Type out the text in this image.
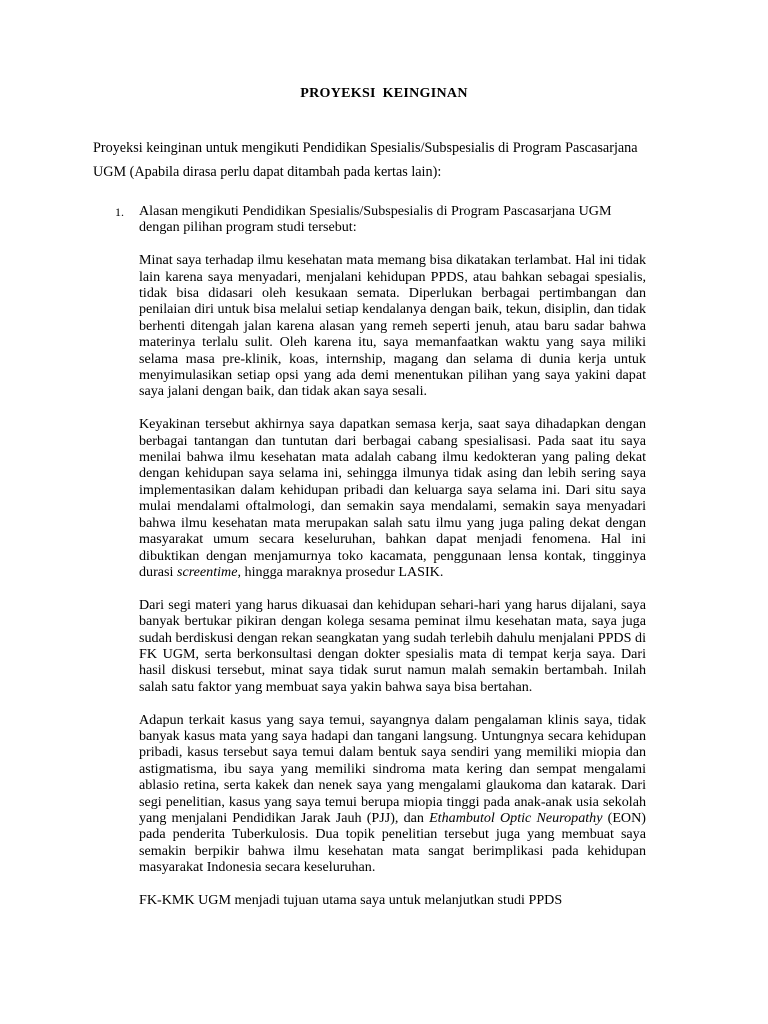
PROYEKSI KEINGINAN
Proyeksi keinginan untuk mengikuti Pendidikan Spesialis/Subspesialis di Program Pascasarjana UGM (Apabila dirasa perlu dapat ditambah pada kertas lain):
1. Alasan mengikuti Pendidikan Spesialis/Subspesialis di Program Pascasarjana UGM dengan pilihan program studi tersebut:

Minat saya terhadap ilmu kesehatan mata memang bisa dikatakan terlambat. Hal ini tidak lain karena saya menyadari, menjalani kehidupan PPDS, atau bahkan sebagai spesialis, tidak bisa didasari oleh kesukaan semata. Diperlukan berbagai pertimbangan dan penilaian diri untuk bisa melalui setiap kendalanya dengan baik, tekun, disiplin, dan tidak berhenti ditengah jalan karena alasan yang remeh seperti jenuh, atau baru sadar bahwa materinya terlalu sulit. Oleh karena itu, saya memanfaatkan waktu yang saya miliki selama masa pre-klinik, koas, internship, magang dan selama di dunia kerja untuk menyimulasikan setiap opsi yang ada demi menentukan pilihan yang saya yakini dapat saya jalani dengan baik, dan tidak akan saya sesali.

Keyakinan tersebut akhirnya saya dapatkan semasa kerja, saat saya dihadapkan dengan berbagai tantangan dan tuntutan dari berbagai cabang spesialisasi. Pada saat itu saya menilai bahwa ilmu kesehatan mata adalah cabang ilmu kedokteran yang paling dekat dengan kehidupan saya selama ini, sehingga ilmunya tidak asing dan lebih sering saya implementasikan dalam kehidupan pribadi dan keluarga saya selama ini. Dari situ saya mulai mendalami oftalmologi, dan semakin saya mendalami, semakin saya menyadari bahwa ilmu kesehatan mata merupakan salah satu ilmu yang juga paling dekat dengan masyarakat umum secara keseluruhan, bahkan dapat menjadi fenomena. Hal ini dibuktikan dengan menjamurnya toko kacamata, penggunaan lensa kontak, tingginya durasi screentime, hingga maraknya prosedur LASIK.

Dari segi materi yang harus dikuasai dan kehidupan sehari-hari yang harus dijalani, saya banyak bertukar pikiran dengan kolega sesama peminat ilmu kesehatan mata, saya juga sudah berdiskusi dengan rekan seangkatan yang sudah terlebih dahulu menjalani PPDS di FK UGM, serta berkonsultasi dengan dokter spesialis mata di tempat kerja saya. Dari hasil diskusi tersebut, minat saya tidak surut namun malah semakin bertambah. Inilah salah satu faktor yang membuat saya yakin bahwa saya bisa bertahan.

Adapun terkait kasus yang saya temui, sayangnya dalam pengalaman klinis saya, tidak banyak kasus mata yang saya hadapi dan tangani langsung. Untungnya secara kehidupan pribadi, kasus tersebut saya temui dalam bentuk saya sendiri yang memiliki miopia dan astigmatisma, ibu saya yang memiliki sindroma mata kering dan sempat mengalami ablasio retina, serta kakek dan nenek saya yang mengalami glaukoma dan katarak. Dari segi penelitian, kasus yang saya temui berupa miopia tinggi pada anak-anak usia sekolah yang menjalani Pendidikan Jarak Jauh (PJJ), dan Ethambutol Optic Neuropathy (EON) pada penderita Tuberkulosis. Dua topik penelitian tersebut juga yang membuat saya semakin berpikir bahwa ilmu kesehatan mata sangat berimplikasi pada kehidupan masyarakat Indonesia secara keseluruhan.

FK-KMK UGM menjadi tujuan utama saya untuk melanjutkan studi PPDS
